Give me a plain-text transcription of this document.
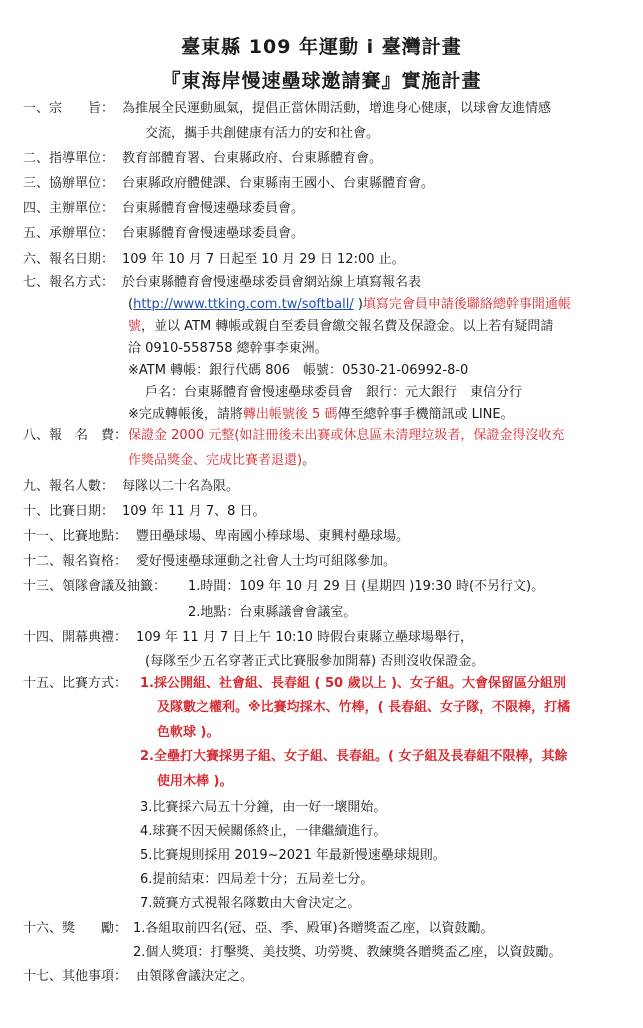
臺東縣 109 年運動 i 臺灣計畫
『東海岸慢速壘球邀請賽』實施計畫
一、宗　　旨： 為推展全民運動風氣，提倡正當休閒活動，增進身心健康，以球會友進情感
交流，攜手共創健康有活力的安和社會。
二、指導單位： 教育部體育署、台東縣政府、台東縣體育會。
三、協辦單位： 台東縣政府體健課、台東縣南王國小、台東縣體育會。
四、主辦單位： 台東縣體育會慢速壘球委員會。
五、承辦單位： 台東縣體育會慢速壘球委員會。
六、報名日期： 109 年 10 月 7 日起至 10 月 29 日 12:00 止。
七、報名方式： 於台東縣體育會慢速壘球委員會網站線上填寫報名表
(http://www.ttking.com.tw/softball/ )填寫完會員申請後聯絡總幹事開通帳
號，並以 ATM 轉帳或親自至委員會繳交報名費及保證金。以上若有疑問請
洽 0910-558758 總幹事李東洲。
※ATM 轉帳：銀行代碼 806　帳號：0530-21-06992-8-0
戶名：台東縣體育會慢速壘球委員會　銀行：元大銀行　東信分行
※完成轉帳後，請將轉出帳號後 5 碼傳至總幹事手機簡訊或 LINE。
八、報　名　費： 保證金 2000 元整(如註冊後未出賽或休息區未清理垃圾者，保證金得沒收充
作獎品獎金、完成比賽者退還)。
九、報名人數： 每隊以二十名為限。
十、比賽日期： 109 年 11 月 7、8 日。
十一、比賽地點： 豐田壘球場、卑南國小棒球場、東興村壘球場。
十二、報名資格： 愛好慢速壘球運動之社會人士均可組隊參加。
十三、領隊會議及抽籤： 1.時間：109 年 10 月 29 日 (星期四 )19:30 時(不另行文)。
2.地點：台東縣議會會議室。
十四、開幕典禮： 109 年 11 月 7 日上午 10:10 時假台東縣立壘球場舉行，
(每隊至少五名穿著正式比賽服參加開幕) 否則沒收保證金。
十五、比賽方式： 1.採公開組、社會組、長春組 ( 50 歲以上 )、女子組。大會保留區分組別
及隊數之權利。※比賽均採木、竹棒，( 長春組、女子隊，不限棒，打橘
色軟球 )。
2.全壘打大賽採男子組、女子組、長春組。( 女子組及長春組不限棒，其餘
使用木棒 )。
3.比賽採六局五十分鐘，由一好一壞開始。
4.球賽不因天候關係終止，一律繼續進行。
5.比賽規則採用 2019~2021 年最新慢速壘球規則。
6.提前結束：四局差十分；五局差七分。
7.競賽方式視報名隊數由大會決定之。
十六、獎　　勵： 1.各組取前四名(冠、亞、季、殿軍)各贈獎盃乙座，以資鼓勵。
2.個人獎項：打擊獎、美技獎、功勞獎、教練獎各贈獎盃乙座，以資鼓勵。
十七、其他事項： 由領隊會議決定之。
